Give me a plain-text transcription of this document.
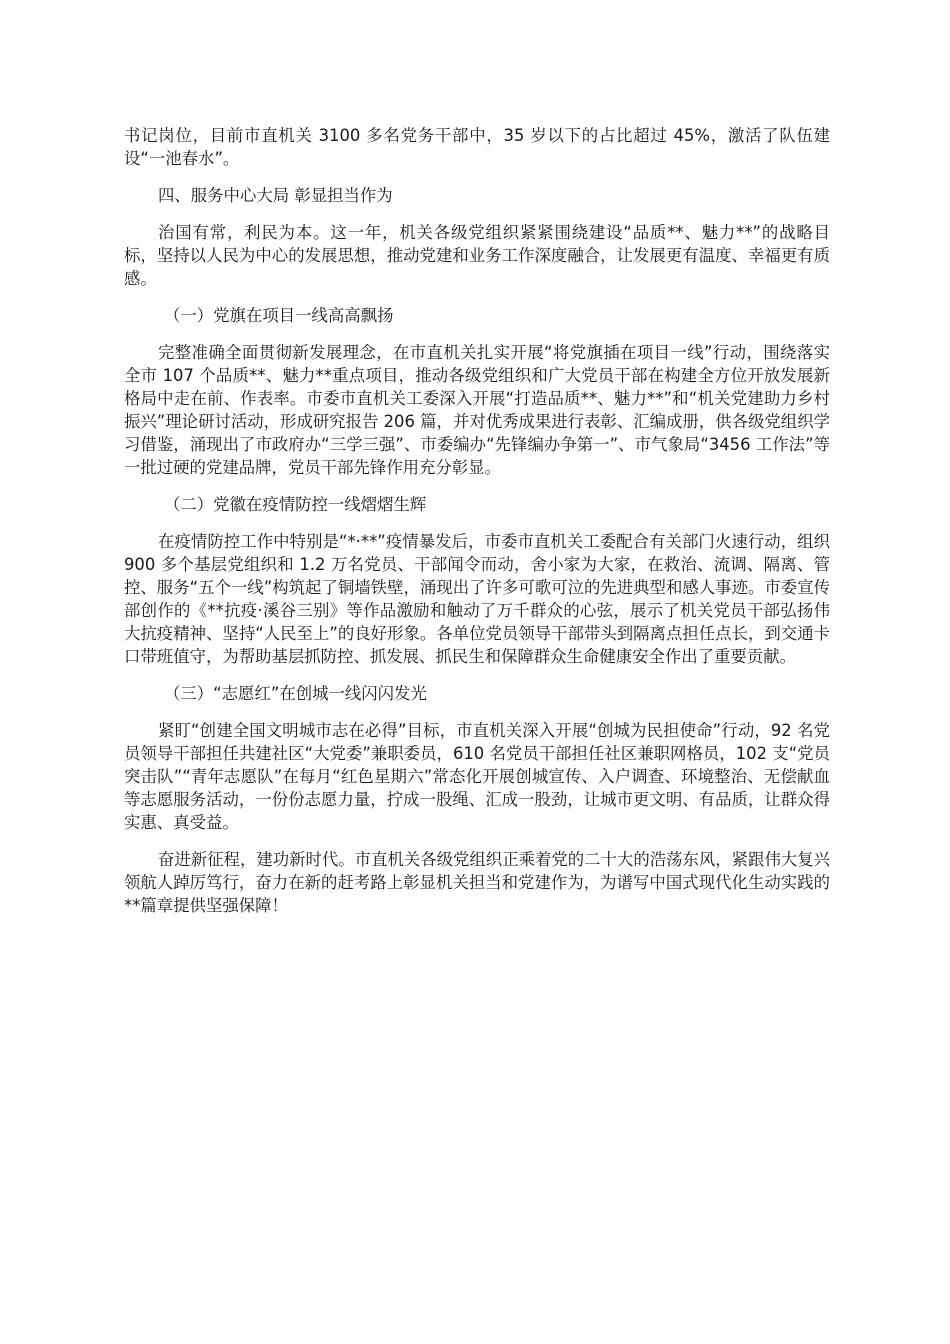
书记岗位，目前市直机关 3100 多名党务干部中，35 岁以下的占比超过 45%，激活了队伍建设“一池春水”。

四、服务中心大局 彰显担当作为

治国有常，利民为本。这一年，机关各级党组织紧紧围绕建设“品质**、魅力**”的战略目标，坚持以人民为中心的发展思想，推动党建和业务工作深度融合，让发展更有温度、幸福更有质感。

（一）党旗在项目一线高高飘扬

完整准确全面贯彻新发展理念，在市直机关扎实开展“将党旗插在项目一线”行动，围绕落实全市 107 个品质**、魅力**重点项目，推动各级党组织和广大党员干部在构建全方位开放发展新格局中走在前、作表率。市委市直机关工委深入开展“打造品质**、魅力**”和“机关党建助力乡村振兴”理论研讨活动，形成研究报告 206 篇，并对优秀成果进行表彰、汇编成册，供各级党组织学习借鉴，涌现出了市政府办“三学三强”、市委编办“先锋编办争第一”、市气象局“3456 工作法”等一批过硬的党建品牌，党员干部先锋作用充分彰显。

（二）党徽在疫情防控一线熠熠生辉

在疫情防控工作中特别是“*·**”疫情暴发后，市委市直机关工委配合有关部门火速行动，组织 900 多个基层党组织和 1.2 万名党员、干部闻令而动，舍小家为大家，在救治、流调、隔离、管控、服务“五个一线”构筑起了铜墙铁壁，涌现出了许多可歌可泣的先进典型和感人事迹。市委宣传部创作的《**抗疫·溪谷三别》等作品激励和触动了万千群众的心弦，展示了机关党员干部弘扬伟大抗疫精神、坚持“人民至上”的良好形象。各单位党员领导干部带头到隔离点担任点长，到交通卡口带班值守，为帮助基层抓防控、抓发展、抓民生和保障群众生命健康安全作出了重要贡献。

（三）“志愿红”在创城一线闪闪发光

紧盯“创建全国文明城市志在必得”目标，市直机关深入开展“创城为民担使命”行动，92 名党员领导干部担任共建社区“大党委”兼职委员，610 名党员干部担任社区兼职网格员，102 支“党员突击队”“青年志愿队”在每月“红色星期六”常态化开展创城宣传、入户调查、环境整治、无偿献血等志愿服务活动，一份份志愿力量，拧成一股绳、汇成一股劲，让城市更文明、有品质，让群众得实惠、真受益。

奋进新征程，建功新时代。市直机关各级党组织正乘着党的二十大的浩荡东风，紧跟伟大复兴领航人踔厉笃行，奋力在新的赶考路上彰显机关担当和党建作为，为谱写中国式现代化生动实践的**篇章提供坚强保障！
